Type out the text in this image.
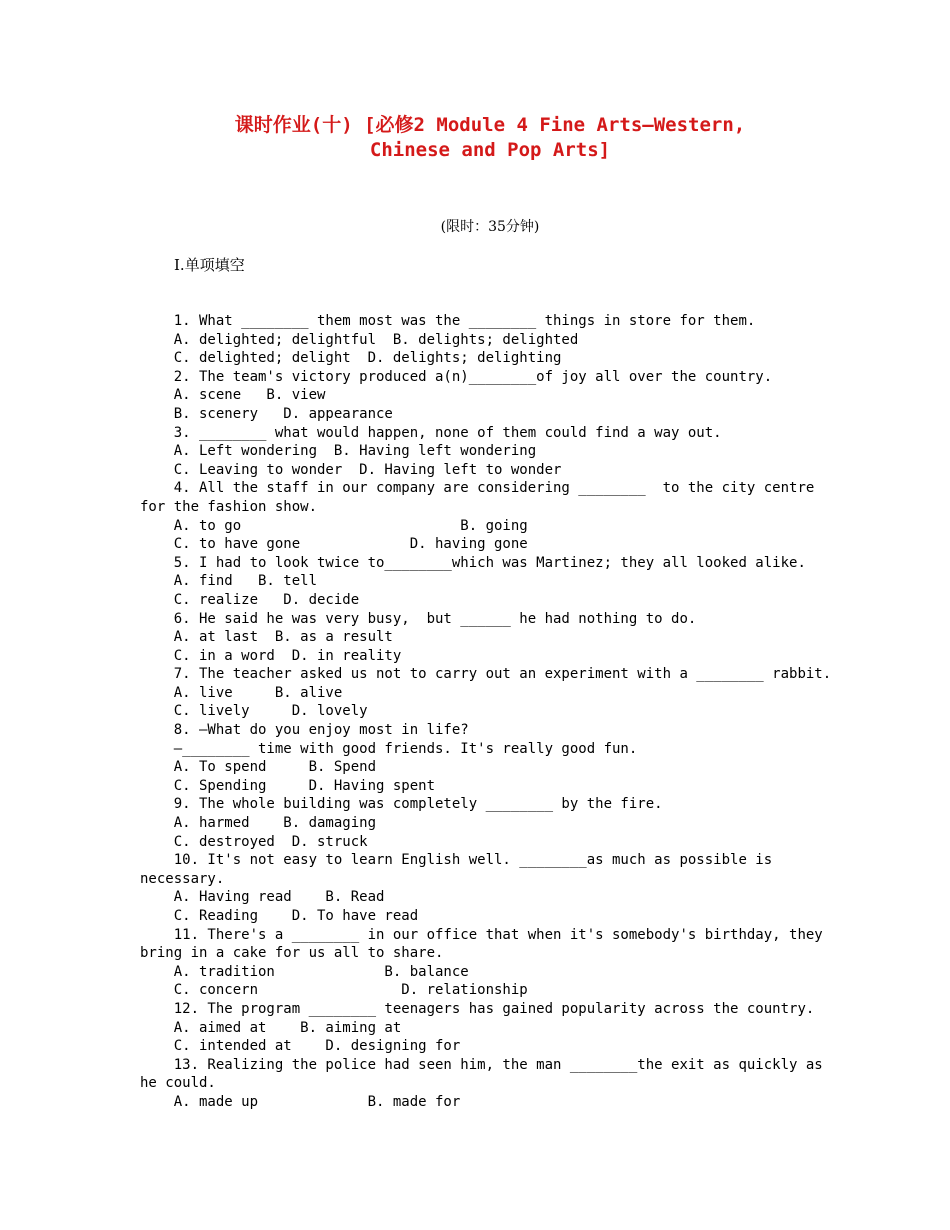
课时作业(十) [必修2 Module 4 Fine Arts—Western,
Chinese and Pop Arts]
(限时：35分钟)
Ⅰ.单项填空
1. What ________ them most was the ________ things in store for them.
A. delighted; delightful  B. delights; delighted
C. delighted; delight  D. delights; delighting
2. The team's victory produced a(n)________of joy all over the country.
A. scene   B. view
B. scenery   D. appearance
3. ________ what would happen, none of them could find a way out.
A. Left wondering  B. Having left wondering
C. Leaving to wonder  D. Having left to wonder
4. All the staff in our company are considering ________  to the city centre
for the fashion show.
A. to go                          B. going
C. to have gone             D. having gone
5. I had to look twice to________which was Martinez; they all looked alike.
A. find   B. tell
C. realize   D. decide
6. He said he was very busy,  but ______ he had nothing to do.
A. at last  B. as a result
C. in a word  D. in reality
7. The teacher asked us not to carry out an experiment with a ________ rabbit.
A. live     B. alive
C. lively     D. lovely
8. —What do you enjoy most in life?
—________ time with good friends. It's really good fun.
A. To spend     B. Spend
C. Spending     D. Having spent
9. The whole building was completely ________ by the fire.
A. harmed    B. damaging
C. destroyed  D. struck
10. It's not easy to learn English well. ________as much as possible is
necessary.
A. Having read    B. Read
C. Reading    D. To have read
11. There's a ________ in our office that when it's somebody's birthday, they
bring in a cake for us all to share.
A. tradition             B. balance
C. concern                 D. relationship
12. The program ________ teenagers has gained popularity across the country.
A. aimed at    B. aiming at
C. intended at    D. designing for
13. Realizing the police had seen him, the man ________the exit as quickly as
he could.
A. made up             B. made for
